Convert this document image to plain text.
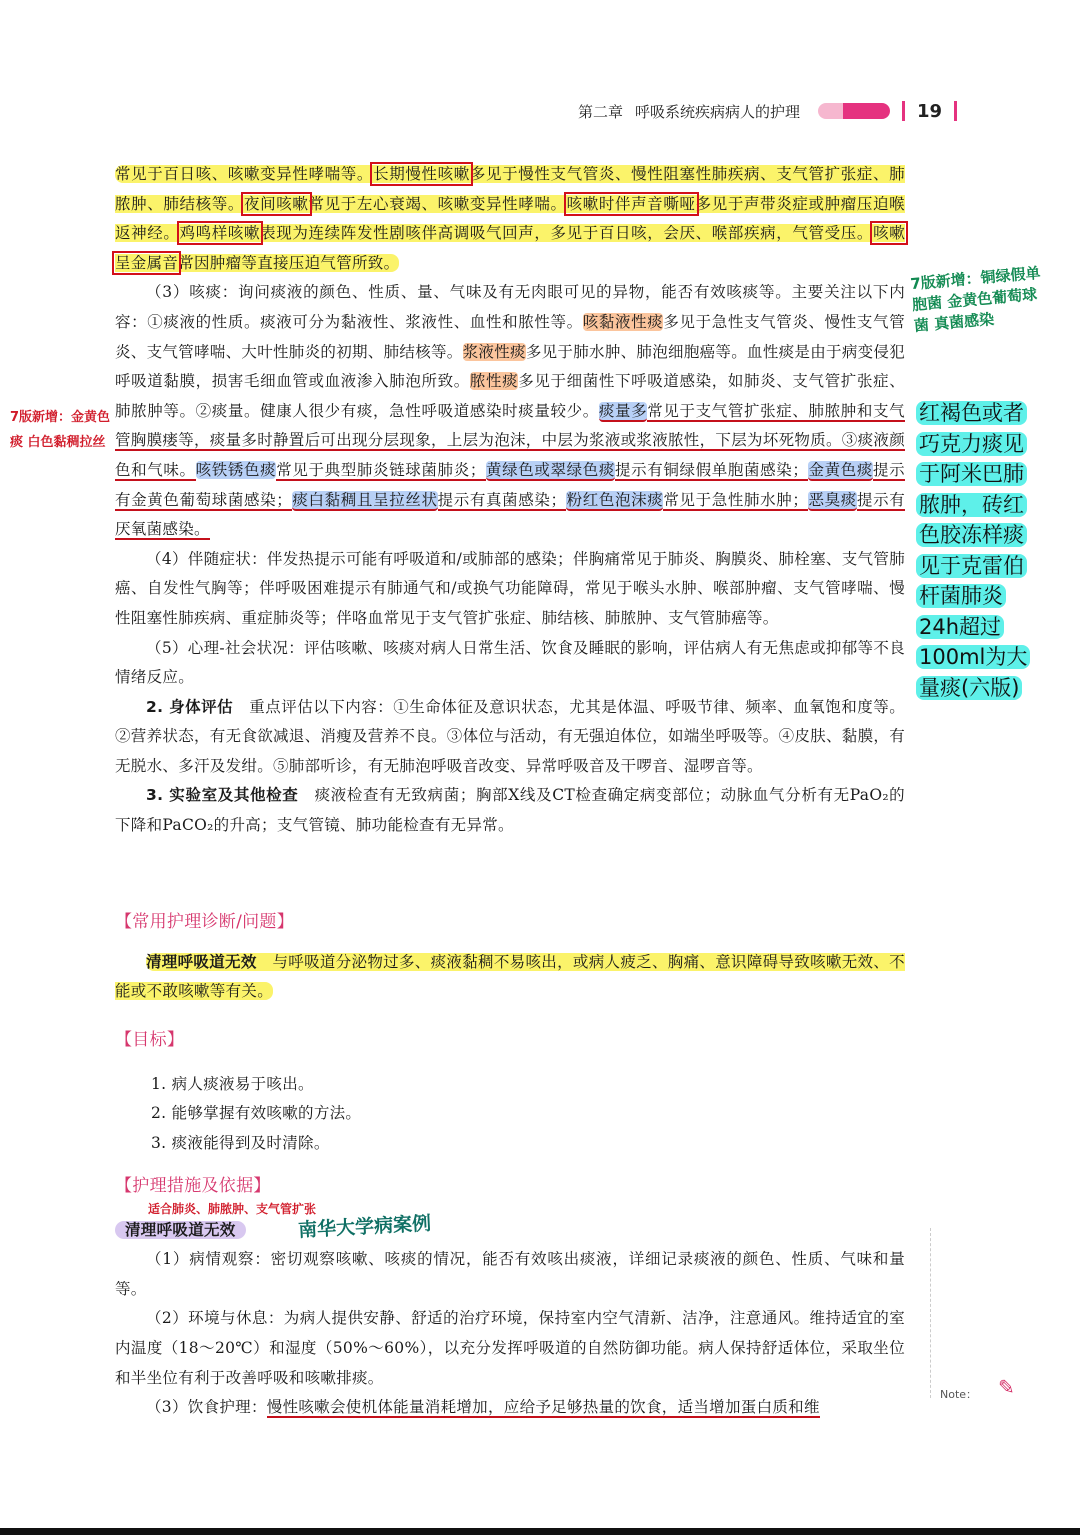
第二章 呼吸系统疾病病人的护理	19

常见于百日咳、咳嗽变异性哮喘等。长期慢性咳嗽多见于慢性支气管炎、慢性阻塞性肺疾病、支气管扩张症、肺脓肿、肺结核等。夜间咳嗽常见于左心衰竭、咳嗽变异性哮喘。咳嗽时伴声音嘶哑多见于声带炎症或肿瘤压迫喉返神经。鸡鸣样咳嗽表现为连续阵发性剧咳伴高调吸气回声，多见于百日咳，会厌、喉部疾病，气管受压。咳嗽呈金属音常因肿瘤等直接压迫气管所致。

（3）咳痰：询问痰液的颜色、性质、量、气味及有无肉眼可见的异物，能否有效咳痰等。主要关注以下内容：①痰液的性质。痰液可分为黏液性、浆液性、血性和脓性等。咳黏液性痰多见于急性支气管炎、慢性支气管炎、支气管哮喘、大叶性肺炎的初期、肺结核等。浆液性痰多见于肺水肿、肺泡细胞癌等。血性痰是由于病变侵犯呼吸道黏膜，损害毛细血管或血液渗入肺泡所致。脓性痰多见于细菌性下呼吸道感染，如肺炎、支气管扩张症、肺脓肿等。②痰量。健康人很少有痰，急性呼吸道感染时痰量较少。痰量多常见于支气管扩张症、肺脓肿和支气管胸膜瘘等，痰量多时静置后可出现分层现象，上层为泡沫，中层为浆液或浆液脓性，下层为坏死物质。③痰液颜色和气味。咳铁锈色痰常见于典型肺炎链球菌肺炎；黄绿色或翠绿色痰提示有铜绿假单胞菌感染；金黄色痰提示有金黄色葡萄球菌感染；痰白黏稠且呈拉丝状提示有真菌感染；粉红色泡沫痰常见于急性肺水肿；恶臭痰提示有厌氧菌感染。

（4）伴随症状：伴发热提示可能有呼吸道和/或肺部的感染；伴胸痛常见于肺炎、胸膜炎、肺栓塞、支气管肺癌、自发性气胸等；伴呼吸困难提示有肺通气和/或换气功能障碍，常见于喉头水肿、喉部肿瘤、支气管哮喘、慢性阻塞性肺疾病、重症肺炎等；伴咯血常见于支气管扩张症、肺结核、肺脓肿、支气管肺癌等。

（5）心理-社会状况：评估咳嗽、咳痰对病人日常生活、饮食及睡眠的影响，评估病人有无焦虑或抑郁等不良情绪反应。

2. 身体评估　 重点评估以下内容：①生命体征及意识状态，尤其是体温、呼吸节律、频率、血氧饱和度等。②营养状态，有无食欲减退、消瘦及营养不良。③体位与活动，有无强迫体位，如端坐呼吸等。④皮肤、黏膜，有无脱水、多汗及发绀。⑤肺部听诊，有无肺泡呼吸音改变、异常呼吸音及干啰音、湿啰音等。

3. 实验室及其他检查　 痰液检查有无致病菌；胸部X线及CT检查确定病变部位；动脉血气分析有无PaO₂的下降和PaCO₂的升高；支气管镜、肺功能检查有无异常。

【常用护理诊断/问题】

清理呼吸道无效　 与呼吸道分泌物过多、痰液黏稠不易咳出，或病人疲乏、胸痛、意识障碍导致咳嗽无效、不能或不敢咳嗽等有关。

【目标】

1. 病人痰液易于咳出。
2. 能够掌握有效咳嗽的方法。
3. 痰液能得到及时清除。

【护理措施及依据】

清理呼吸道无效

（1）病情观察：密切观察咳嗽、咳痰的情况，能否有效咳出痰液，详细记录痰液的颜色、性质、气味和量等。

（2）环境与休息：为病人提供安静、舒适的治疗环境，保持室内空气清新、洁净，注意通风。维持适宜的室内温度（18～20℃）和湿度（50%～60%），以充分发挥呼吸道的自然防御功能。病人保持舒适体位，采取坐位和半坐位有利于改善呼吸和咳嗽排痰。

（3）饮食护理：慢性咳嗽会使机体能量消耗增加，应给予足够热量的饮食，适当增加蛋白质和维

7版新增：铜绿假单胞菌 金黄色葡萄球菌 真菌感染
7版新增：金黄色痰 白色黏稠拉丝
红褐色或者
巧克力痰见
于阿米巴肺
脓肿，砖红
色胶冻样痰
见于克雷伯
杆菌肺炎
24h超过
100ml为大
量痰(六版)
适合肺炎、肺脓肿、支气管扩张
南华大学病案例
Note： ✎
